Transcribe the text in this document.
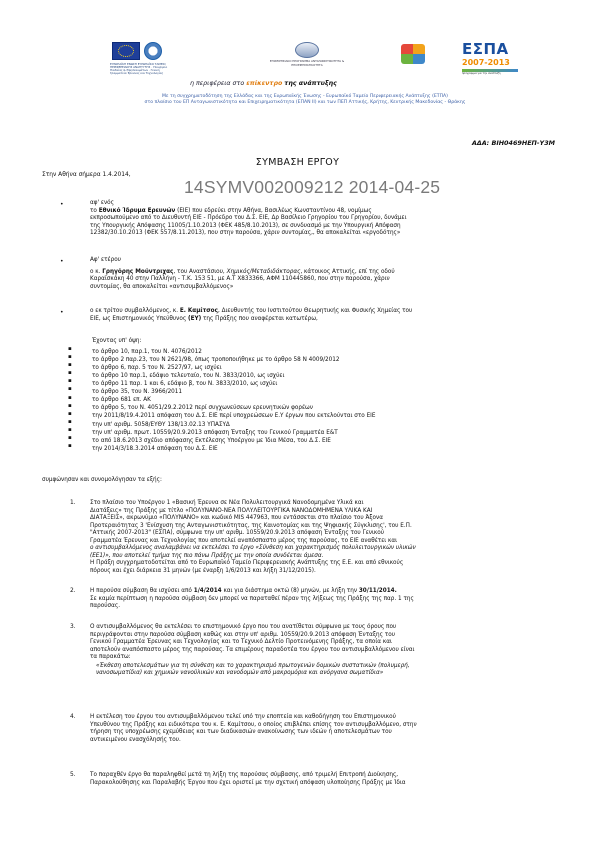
ΕΥΡΩΠΑΪΚΗ ΕΝΩΣΗ ΕΥΡΩΠΑΪΚΟ ΤΑΜΕΙΟ ΠΕΡΙΦΕΡΕΙΑΚΗΣ ΑΝΑΠΤΥΞΗΣ · Υπουργείο Παιδείας & Θρησκευμάτων · Γενική Γραμματεία Έρευνας και Τεχνολογίας
ΕΠΙΧΕΙΡΗΣΙΑΚΟ ΠΡΟΓΡΑΜΜΑ ΑΝΤΑΓΩΝΙΣΤΙΚΟΤΗΤΑ & ΕΠΙΧΕΙΡΗΜΑΤΙΚΟΤΗΤΑ
ΕΣΠΑ
2007-2013
πρόγραμμα για την ανάπτυξη
η περιφέρεια στο επίκεντρο της ανάπτυξης
Με τη συγχρηματοδότηση της Ελλάδας και της Ευρωπαϊκής Ένωσης - Ευρωπαϊκό Ταμείο Περιφερειακής Ανάπτυξης (ΕΤΠΑ)
στο πλαίσιο του ΕΠ Ανταγωνιστικότητα και Επιχειρηματικότητα (ΕΠΑΝ ΙΙ) και των ΠΕΠ Αττικής, Κρήτης, Κεντρικής Μακεδονίας - Θράκης
ΑΔΑ: ΒΙΗ0469ΗΕΠ-Υ3Μ
ΣΥΜΒΑΣΗ ΕΡΓΟΥ
Στην Αθήνα σήμερα 1.4.2014,
14SYMV002009212 2014-04-25
•	αφ' ενός
το Εθνικό Ίδρυμα Ερευνών (ΕΙΕ) που εδρεύει στην Αθήνα, Βασιλέως Κωνσταντίνου 48, νομίμως
εκπροσωπούμενο από το Διευθυντή ΕΙΕ - Πρόεδρο του Δ.Σ. ΕΙΕ, Δρ Βασίλειο Γρηγορίου του Γρηγορίου, δυνάμει
της Υπουργικής Απόφασης 11005/1.10.2013 (ΦΕΚ 485/8.10.2013), σε συνδυασμό με την Υπουργική Απόφαση
12382/30.10.2013 (ΦΕΚ 557/8.11.2013), που στην παρούσα, χάριν συντομίας,, θα αποκαλείται «εργοδότης»
•	Αφ' ετέρου
ο κ. Γρηγόρης Μούντριχας, του Αναστάσιου, Χημικός/Μεταδιδάκτορας, κάτοικος Αττικής, επί της οδού
Καραϊσκάκη 40 στην Παλλήνη - Τ.Κ. 153 51, με Α.Τ Χ833366, ΑΦΜ 110445860, που στην παρούσα, χάριν
συντομίας, θα αποκαλείται «αντισυμβαλλόμενος»
•	ο εκ τρίτου συμβαλλόμενος, κ. Ε. Καμίτσος, Διευθυντής του Ινστιτούτου Θεωρητικής και Φυσικής Χημείας του
ΕΙΕ, ως Επιστημονικός Υπεύθυνος (ΕΥ) της Πράξης που αναφέρεται κατωτέρω,
Έχοντας υπ' όψη:
το άρθρο 10, παρ.1, του Ν. 4076/2012
το άρθρο 2 παρ.23, του Ν 2621/98, όπως τροποποιήθηκε με το άρθρο 58 Ν 4009/2012
το άρθρο 6, παρ. 5 του Ν. 2527/97, ως ισχύει
το άρθρο 10 παρ.1, εδάφιο τελευταίο, του Ν. 3833/2010, ως ισχύει
το άρθρο 11 παρ. 1 και 6, εδάφιο β, του Ν. 3833/2010, ως ισχύει
το άρθρο 35, του Ν. 3966/2011
το άρθρο 681 επ. ΑΚ
το άρθρο 5, του Ν. 4051/29.2.2012 περί συγχωνεύσεων ερευνητικών φορέων
την 2011/8/19.4.2011 απόφαση του Δ.Σ. ΕΙΕ περί υποχρεώσεων Ε.Υ έργων που εκτελούνται στο ΕΙΕ
την υπ' αριθμ. 5058/ΕΥΘΥ 138/13.02.13 ΥΠΑΣΥΔ
την υπ' αριθμ. πρωτ. 10559/20.9.2013 απόφαση Ένταξης του Γενικού Γραμματέα Ε&Τ
το από 18.6.2013 σχέδιο απόφασης Εκτέλεσης Υποέργου με Ίδια Μέσα, του Δ.Σ. ΕΙΕ
την 2014/3/18.3.2014 απόφαση του Δ.Σ. ΕΙΕ
▪
▪
▪
▪
▪
▪
▪
▪
▪
▪
▪
▪
▪
συμφώνησαν και συνομολόγησαν τα εξής:
1.	Στο πλαίσιο του Υποέργου 1 «Βασική Έρευνα σε Νέα Πολυλειτουργικά Νανοδομημένα Υλικά και
Διατάξεις» της Πράξης με τίτλο «ΠΟΛΥΝΑΝΟ-ΝΕΑ ΠΟΛΥΛΕΙΤΟΥΡΓΙΚΑ ΝΑΝΟΔΟΜΗΜΕΝΑ ΥΛΙΚΑ ΚΑΙ
ΔΙΑΤΑΞΕΙΣ», ακρωνύμιο «ΠΟΛΥΝΑΝΟ» και κωδικό MIS 447963, που εντάσσεται στο πλαίσιο του Άξονα
Προτεραιότητας 3 'Ενίσχυση της Ανταγωνιστικότητας, της Καινοτομίας και της Ψηφιακής Σύγκλισης', του Ε.Π.
"Αττικής 2007-2013" (ΕΣΠΑ), σύμφωνα την υπ' αριθμ. 10559/20.9.2013 απόφαση Ένταξης του Γενικού
Γραμματέα Έρευνας και Τεχνολογίας που αποτελεί αναπόσπαστο μέρος της παρούσας, το ΕΙΕ αναθέτει και
ο αντισυμβαλλόμενος αναλαμβάνει να εκτελέσει το έργο «Σύνθεση και χαρακτηρισμός πολυλειτουργικών υλικών
(ΕΕ1)», που αποτελεί τμήμα της πιο πάνω Πράξης με την οποία συνδέεται άμεσα.
Η Πράξη συγχρηματοδοτείται από το Ευρωπαϊκό Ταμείο Περιφερειακής Ανάπτυξης της Ε.Ε. και από εθνικούς
πόρους και έχει διάρκεια 31 μηνών (με έναρξη 1/6/2013 και λήξη 31/12/2015).
2.	Η παρούσα σύμβαση θα ισχύσει από 1/4/2014 και για διάστημα οκτώ (8) μηνών, με λήξη την 30/11/2014.
Σε καμία περίπτωση η παρούσα σύμβαση δεν μπορεί να παραταθεί πέραν της λήξεως της Πράξης της παρ. 1 της
παρούσας.
3.	Ο αντισυμβαλλόμενος θα εκτελέσει το επιστημονικό έργο που του ανατίθεται σύμφωνα με τους όρους που
περιγράφονται στην παρούσα σύμβαση καθώς και στην υπ' αριθμ. 10559/20.9.2013 απόφαση Ένταξης του
Γενικού Γραμματέα Έρευνας και Τεχνολογίας και το Τεχνικό Δελτίο Προτεινόμενης Πράξης, τα οποία και
αποτελούν αναπόσπαστο μέρος της παρούσας. Τα επιμέρους παραδοτέα του έργου του αντισυμβαλλόμενου είναι
τα παρακάτω:
«Έκθεση αποτελεσμάτων για τη σύνθεση και το χαρακτηρισμό πρωτογενών δομικών συστατικών (πολυμερή,
νανοσωματίδια) και χημικών νανοϋλικών και νανοδομών από μακρομόρια και ανόργανα σωματίδια»
4.	Η εκτέλεση του έργου του αντισυμβαλλόμενου τελεί υπό την εποπτεία και καθοδήγηση του Επιστημονικού
Υπευθύνου της Πράξης και ειδικότερα του κ. Ε. Καμίτσου, ο οποίος επιβλέπει επίσης τον αντισυμβαλλόμενο, στην
τήρηση της υποχρέωσης εχεμύθειας και των διαδικασιών ανακοίνωσης των ιδεών ή αποτελεσμάτων του
αντικειμένου ενασχόλησής του.
5.	Το παραχθέν έργο θα παραληφθεί μετά τη λήξη της παρούσας σύμβασης, από τριμελή Επιτροπή Διοίκησης,
Παρακολούθησης και Παραλαβής Έργου που έχει οριστεί με την σχετική απόφαση υλοποίησης Πράξης με Ίδια
